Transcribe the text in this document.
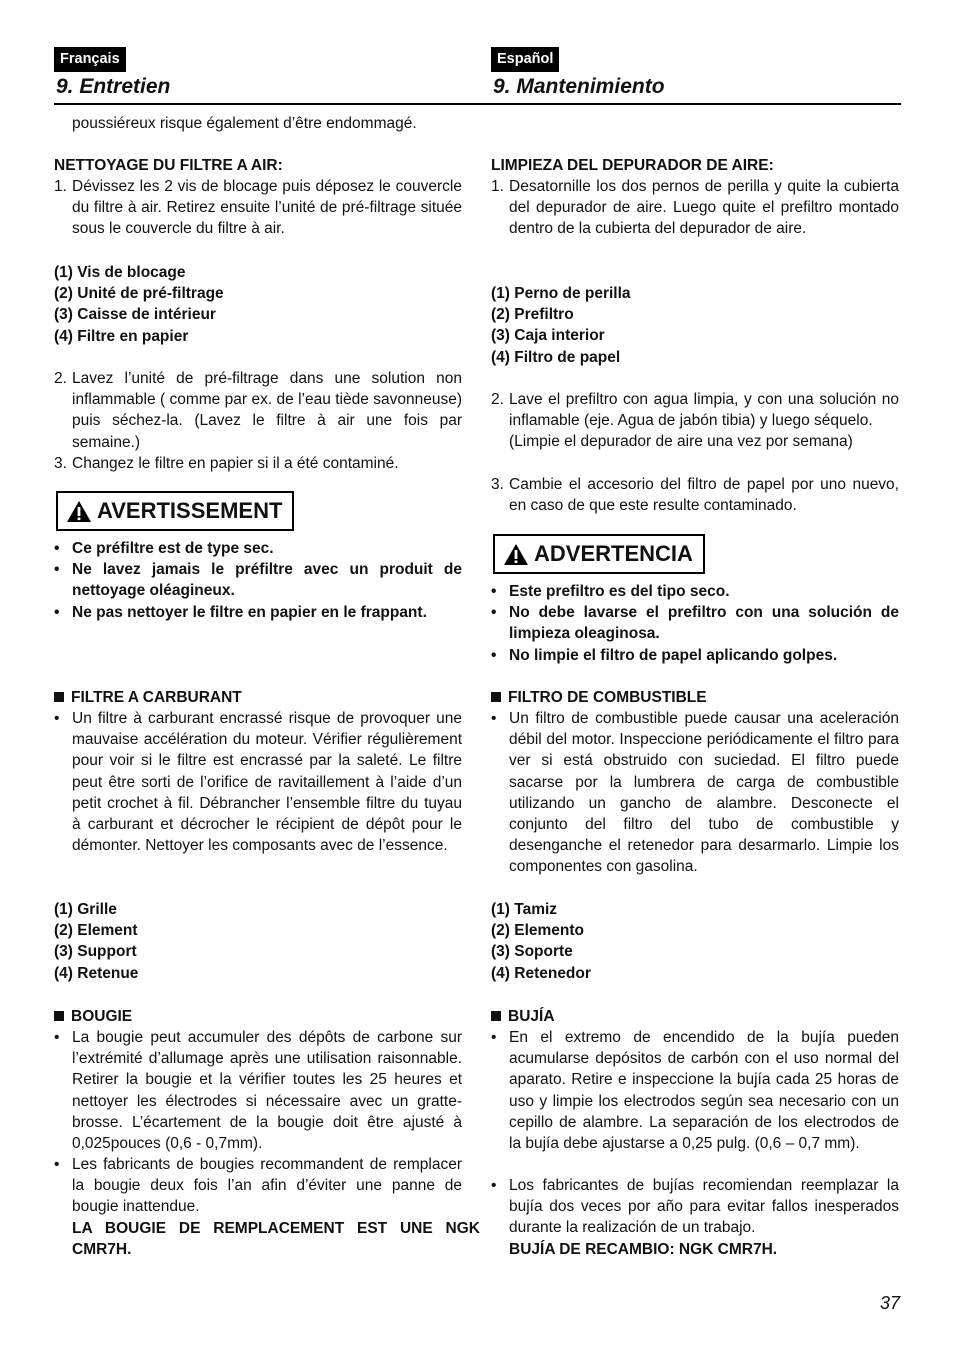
Français
9. Entretien
poussiéreux risque également d’être endommagé.
NETTOYAGE DU FILTRE A AIR:
1. Dévissez les 2 vis de blocage puis déposez le couvercle du filtre à air. Retirez ensuite l’unité de pré-filtrage située sous le couvercle du filtre à air.
(1) Vis de blocage
(2) Unité de pré-filtrage
(3) Caisse de intérieur
(4) Filtre en papier
2. Lavez l’unité de pré-filtrage dans une solution non inflammable ( comme par ex. de l’eau tiède savonneuse) puis séchez-la. (Lavez le filtre à air une fois par semaine.)
3. Changez le filtre en papier si il a été contaminé.
AVERTISSEMENT
• Ce préfiltre est de type sec.
• Ne lavez jamais le préfiltre avec un produit de nettoyage oléagineux.
• Ne pas nettoyer le filtre en papier en le frappant.
FILTRE A CARBURANT
• Un filtre à carburant encrassé risque de provoquer une mauvaise accélération du moteur. Vérifier régulièrement pour voir si le filtre est encrassé par la saleté. Le filtre peut être sorti de l’orifice de ravitaillement à l’aide d’un petit crochet à fil. Débrancher l’ensemble filtre du tuyau à carburant et décrocher le récipient de dépôt pour le démonter. Nettoyer les composants avec de l’essence.
(1) Grille
(2) Element
(3) Support
(4) Retenue
BOUGIE
• La bougie peut accumuler des dépôts de carbone sur l’extrémité d’allumage après une utilisation raisonnable. Retirer la bougie et la vérifier toutes les 25 heures et nettoyer les électrodes si nécessaire avec un gratte-brosse. L’écartement de la bougie doit être ajusté à 0,025pouces (0,6 - 0,7mm).
• Les fabricants de bougies recommandent de remplacer la bougie deux fois l’an afin d’éviter une panne de bougie inattendue.
LA BOUGIE DE REMPLACEMENT EST UNE NGK CMR7H.
Español
9. Mantenimiento
LIMPIEZA DEL DEPURADOR DE AIRE:
1. Desatornille los dos pernos de perilla y quite la cubierta del depurador de aire. Luego quite el prefiltro montado dentro de la cubierta del depurador de aire.
(1) Perno de perilla
(2) Prefiltro
(3) Caja interior
(4) Filtro de papel
2. Lave el prefiltro con agua limpia, y con una solución no inflamable (eje. Agua de jabón tibia) y luego séquelo.
(Limpie el depurador de aire una vez por semana)
3. Cambie el accesorio del filtro de papel por uno nuevo, en caso de que este resulte contaminado.
ADVERTENCIA
• Este prefiltro es del tipo seco.
• No debe lavarse el prefiltro con una solución de limpieza oleaginosa.
• No limpie el filtro de papel aplicando golpes.
FILTRO DE COMBUSTIBLE
• Un filtro de combustible puede causar una aceleración débil del motor. Inspeccione periódicamente el filtro para ver si está obstruido con suciedad. El filtro puede sacarse por la lumbrera de carga de combustible utilizando un gancho de alambre. Desconecte el conjunto del filtro del tubo de combustible y desenganche el retenedor para desarmarlo. Limpie los componentes con gasolina.
(1) Tamiz
(2) Elemento
(3) Soporte
(4) Retenedor
BUJÍA
• En el extremo de encendido de la bujía pueden acumularse depósitos de carbón con el uso normal del aparato. Retire e inspeccione la bujía cada 25 horas de uso y limpie los electrodos según sea necesario con un cepillo de alambre. La separación de los electrodos de la bujía debe ajustarse a 0,25 pulg. (0,6 – 0,7 mm).
• Los fabricantes de bujías recomiendan reemplazar la bujía dos veces por año para evitar fallos inesperados durante la realización de un trabajo.
BUJÍA DE RECAMBIO: NGK CMR7H.
37
